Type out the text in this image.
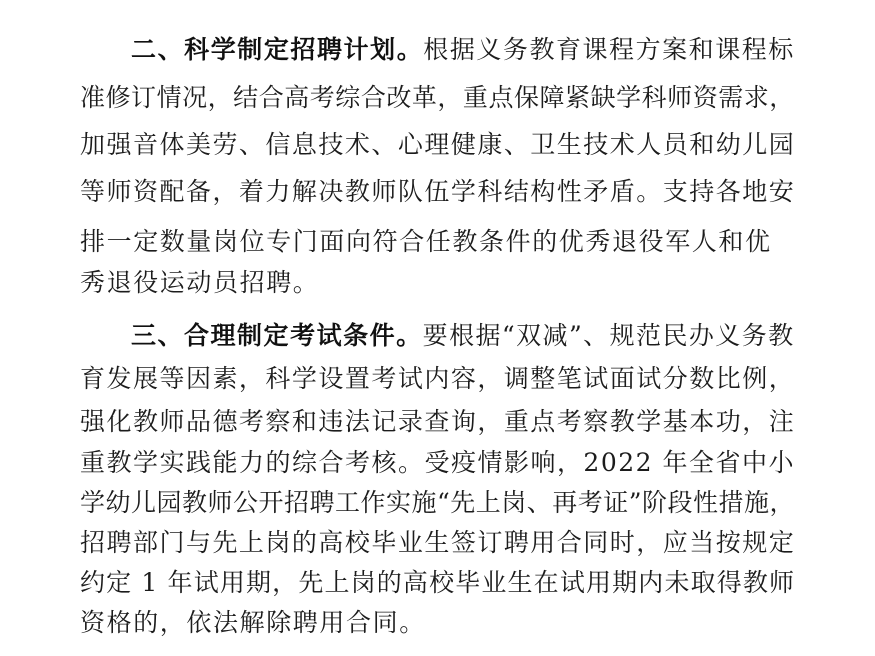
二、科学制定招聘计划。根据义务教育课程方案和课程标
准修订情况，结合高考综合改革，重点保障紧缺学科师资需求，
加强音体美劳、信息技术、心理健康、卫生技术人员和幼儿园
等师资配备，着力解决教师队伍学科结构性矛盾。支持各地安
排一定数量岗位专门面向符合任教条件的优秀退役军人和优
秀退役运动员招聘。
三、合理制定考试条件。要根据“双减”、规范民办义务教
育发展等因素，科学设置考试内容，调整笔试面试分数比例，
强化教师品德考察和违法记录查询，重点考察教学基本功，注
重教学实践能力的综合考核。受疫情影响，2022 年全省中小
学幼儿园教师公开招聘工作实施“先上岗、再考证”阶段性措施，
招聘部门与先上岗的高校毕业生签订聘用合同时，应当按规定
约定 1 年试用期，先上岗的高校毕业生在试用期内未取得教师
资格的，依法解除聘用合同。
